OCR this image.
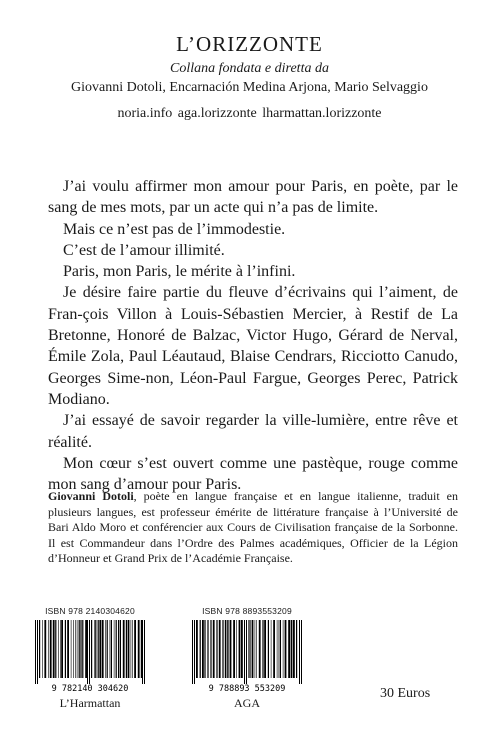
L’ORIZZONTE

Collana fondata e diretta da

Giovanni Dotoli, Encarnación Medina Arjona, Mario Selvaggio

noria.info aga.lorizzonte lharmattan.lorizzonte

J’ai voulu affirmer mon amour pour Paris, en poète, par le sang de mes mots, par un acte qui n’a pas de limite.

Mais ce n’est pas de l’immodestie.

C’est de l’amour illimité.

Paris, mon Paris, le mérite à l’infini.

Je désire faire partie du fleuve d’écrivains qui l’aiment, de Fran-çois Villon à Louis-Sébastien Mercier, à Restif de La Bretonne, Honoré de Balzac, Victor Hugo, Gérard de Nerval, Émile Zola, Paul Léautaud, Blaise Cendrars, Ricciotto Canudo, Georges Sime-non, Léon-Paul Fargue, Georges Perec, Patrick Modiano.

J’ai essayé de savoir regarder la ville-lumière, entre rêve et réalité.

Mon cœur s’est ouvert comme une pastèque, rouge comme mon sang d’amour pour Paris.

Giovanni Dotoli, poète en langue française et en langue italienne, traduit en plusieurs langues, est professeur émérite de littérature française à l’Université de Bari Aldo Moro et conférencier aux Cours de Civilisation française de la Sorbonne. Il est Commandeur dans l’Ordre des Palmes académiques, Officier de la Légion d’Honneur et Grand Prix de l’Académie Française.
ISBN 978 2140304620
9 782140 304620
L’Harmattan
ISBN 978 8893553209
9 788893 553209
AGA
30 Euros
